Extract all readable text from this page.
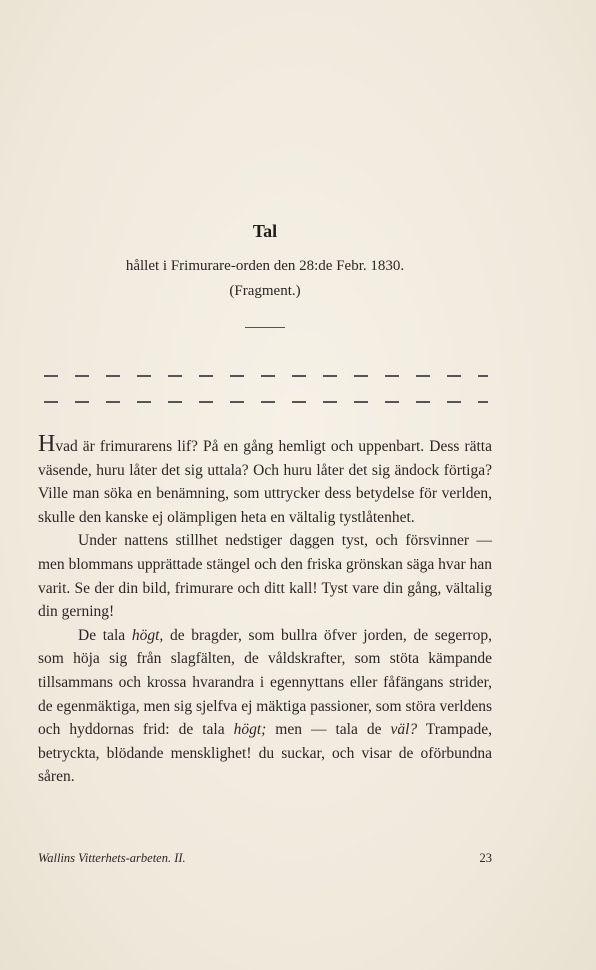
Tal
hållet i Frimurare-orden den 28:de Febr. 1830.
(Fragment.)

Hvad är frimurarens lif? På en gång hemligt och uppenbart. Dess rätta väsende, huru låter det sig uttala? Och huru låter det sig ändock förtiga? Ville man söka en benämning, som uttrycker dess betydelse för verlden, skulle den kanske ej olämpligen heta en vältalig tystlåtenhet.

Under nattens stillhet nedstiger daggen tyst, och försvinner — men blommans upprättade stängel och den friska grönskan säga hvar han varit. Se der din bild, frimurare och ditt kall! Tyst vare din gång, vältalig din gerning!

De tala högt, de bragder, som bullra öfver jorden, de segerrop, som höja sig från slagfälten, de våldskrafter, som stöta kämpande tillsammans och krossa hvarandra i egennyttans eller fåfängans strider, de egenmäktiga, men sig sjelfva ej mäktiga passioner, som störa verldens och hyddornas frid: de tala högt; men — tala de väl? Trampade, betryckta, blödande mensklighet! du suckar, och visar de oförbundna såren.

Wallins Vitterhets-arbeten. II.	23
